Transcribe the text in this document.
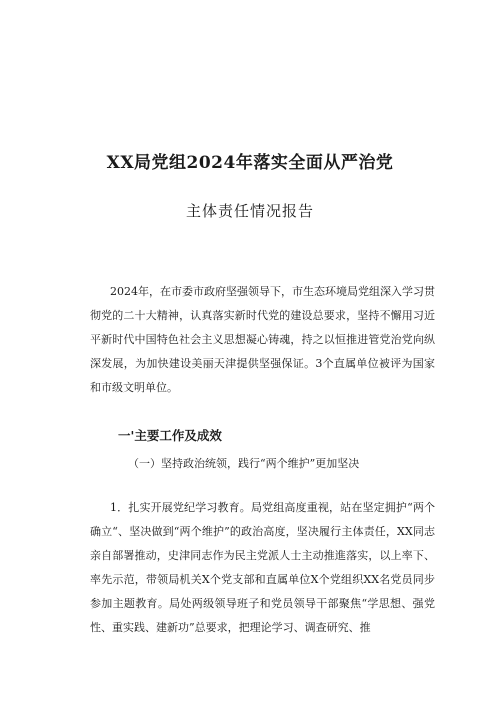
XX局党组2024年落实全面从严治党
主体责任情况报告

2024年，在市委市政府坚强领导下，市生态环境局党组深入学习贯彻党的二十大精神，认真落实新时代党的建设总要求，坚持不懈用习近平新时代中国特色社会主义思想凝心铸魂，持之以恒推进管党治党向纵深发展，为加快建设美丽天津提供坚强保证。3个直属单位被评为国家和市级文明单位。

一'主要工作及成效
（一）坚持政治统领，践行“两个维护”更加坚决

1．扎实开展党纪学习教育。局党组高度重视，站在坚定拥护“两个确立“、坚决做到“两个维护”的政治高度，坚决履行主体责任，XX同志亲自部署推动，史津同志作为民主党派人士主动推進落实，以上率下、率先示范，带领局机关X个党支部和直属单位X个党组织XX名党员同步参加主题教育。局处两级领导班子和党员领导干部聚焦“学思想、强党性、重实践、建新功”总要求，把理论学习、调查研究、推
